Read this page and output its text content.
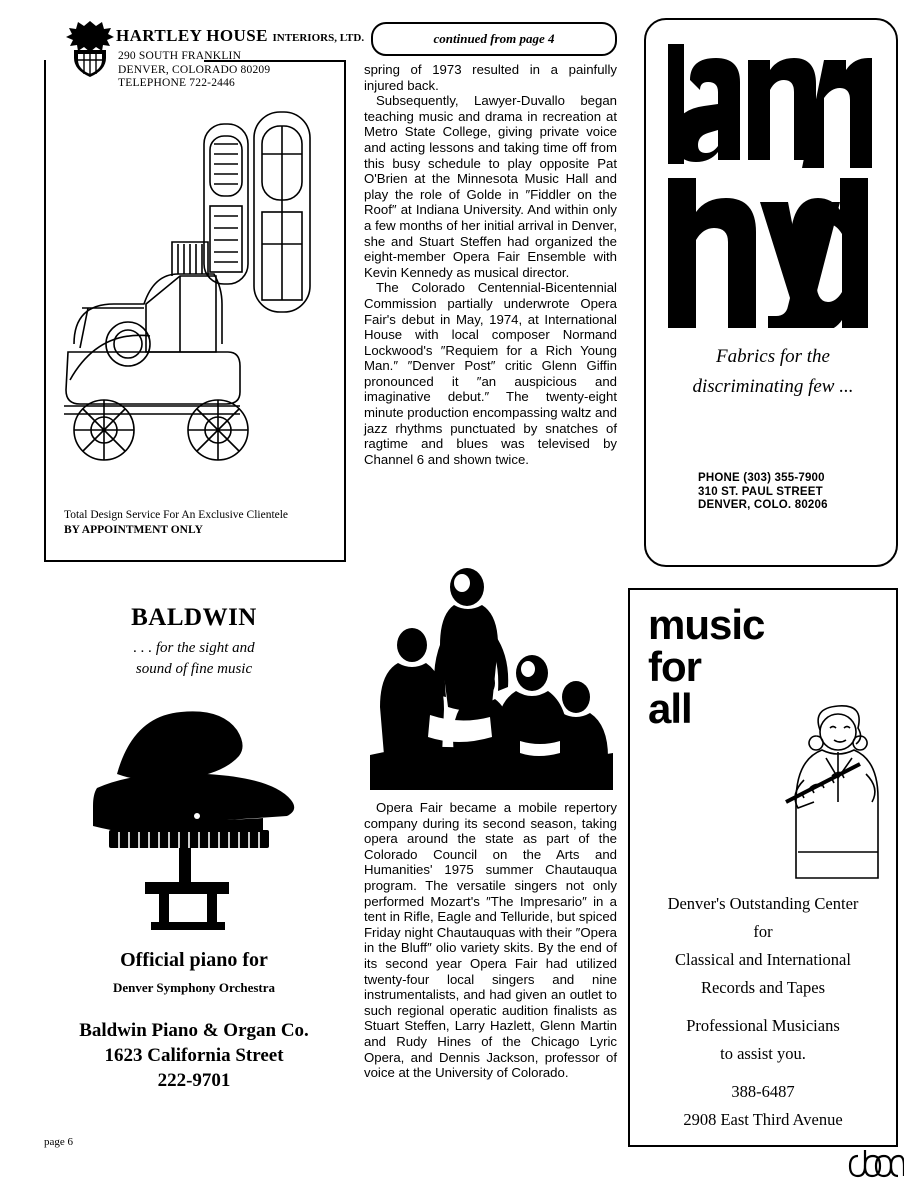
HARTLEY HOUSE INTERIORS, LTD.
290 SOUTH FRANKLIN
DENVER, COLORADO 80209
TELEPHONE 722-2446
Total Design Service For An Exclusive Clientele
BY APPOINTMENT ONLY
BALDWIN
. . . for the sight and
sound of fine music
Official piano for
Denver Symphony Orchestra
Baldwin Piano & Organ Co.
1623 California Street
222-9701
continued from page 4

spring of 1973 resulted in a painfully injured back.

Subsequently, Lawyer-Duvallo began teaching music and drama in recreation at Metro State College, giving private voice and acting lessons and taking time off from this busy schedule to play opposite Pat O'Brien at the Minnesota Music Hall and play the role of Golde in ″Fiddler on the Roof″ at Indiana University. And within only a few months of her initial arrival in Denver, she and Stuart Steffen had organized the eight-member Opera Fair Ensemble with Kevin Kennedy as musical director.

The Colorado Centennial-Bicentennial Commission partially underwrote Opera Fair's debut in May, 1974, at International House with local composer Normand Lockwood's ″Requiem for a Rich Young Man.″ ″Denver Post″ critic Glenn Giffin pronounced it ″an auspicious and imaginative debut.″ The twenty-eight minute production encompassing waltz and jazz rhythms punctuated by snatches of ragtime and blues was televised by Channel 6 and shown twice.

Opera Fair became a mobile repertory company during its second season, taking opera around the state as part of the Colorado Council on the Arts and Humanities' 1975 summer Chautauqua program. The versatile singers not only performed Mozart's ″The Impresario″ in a tent in Rifle, Eagle and Telluride, but spiced Friday night Chautauquas with their ″Opera in the Bluff″ olio variety skits. By the end of its second year Opera Fair had utilized twenty-four local singers and nine instrumentalists, and had given an outlet to such regional operatic audition finalists as Stuart Steffen, Larry Hazlett, Glenn Martin and Rudy Hines of the Chicago Lyric Opera, and Dennis Jackson, professor of voice at the University of Colorado.

Fabrics for the
discriminating few ...
PHONE (303) 355-7900
310 ST. PAUL STREET
DENVER, COLO. 80206
music
for
all
Denver's Outstanding Center
for
Classical and International
Records and Tapes
Professional Musicians
to assist you.
388-6487
2908 East Third Avenue
page 6
